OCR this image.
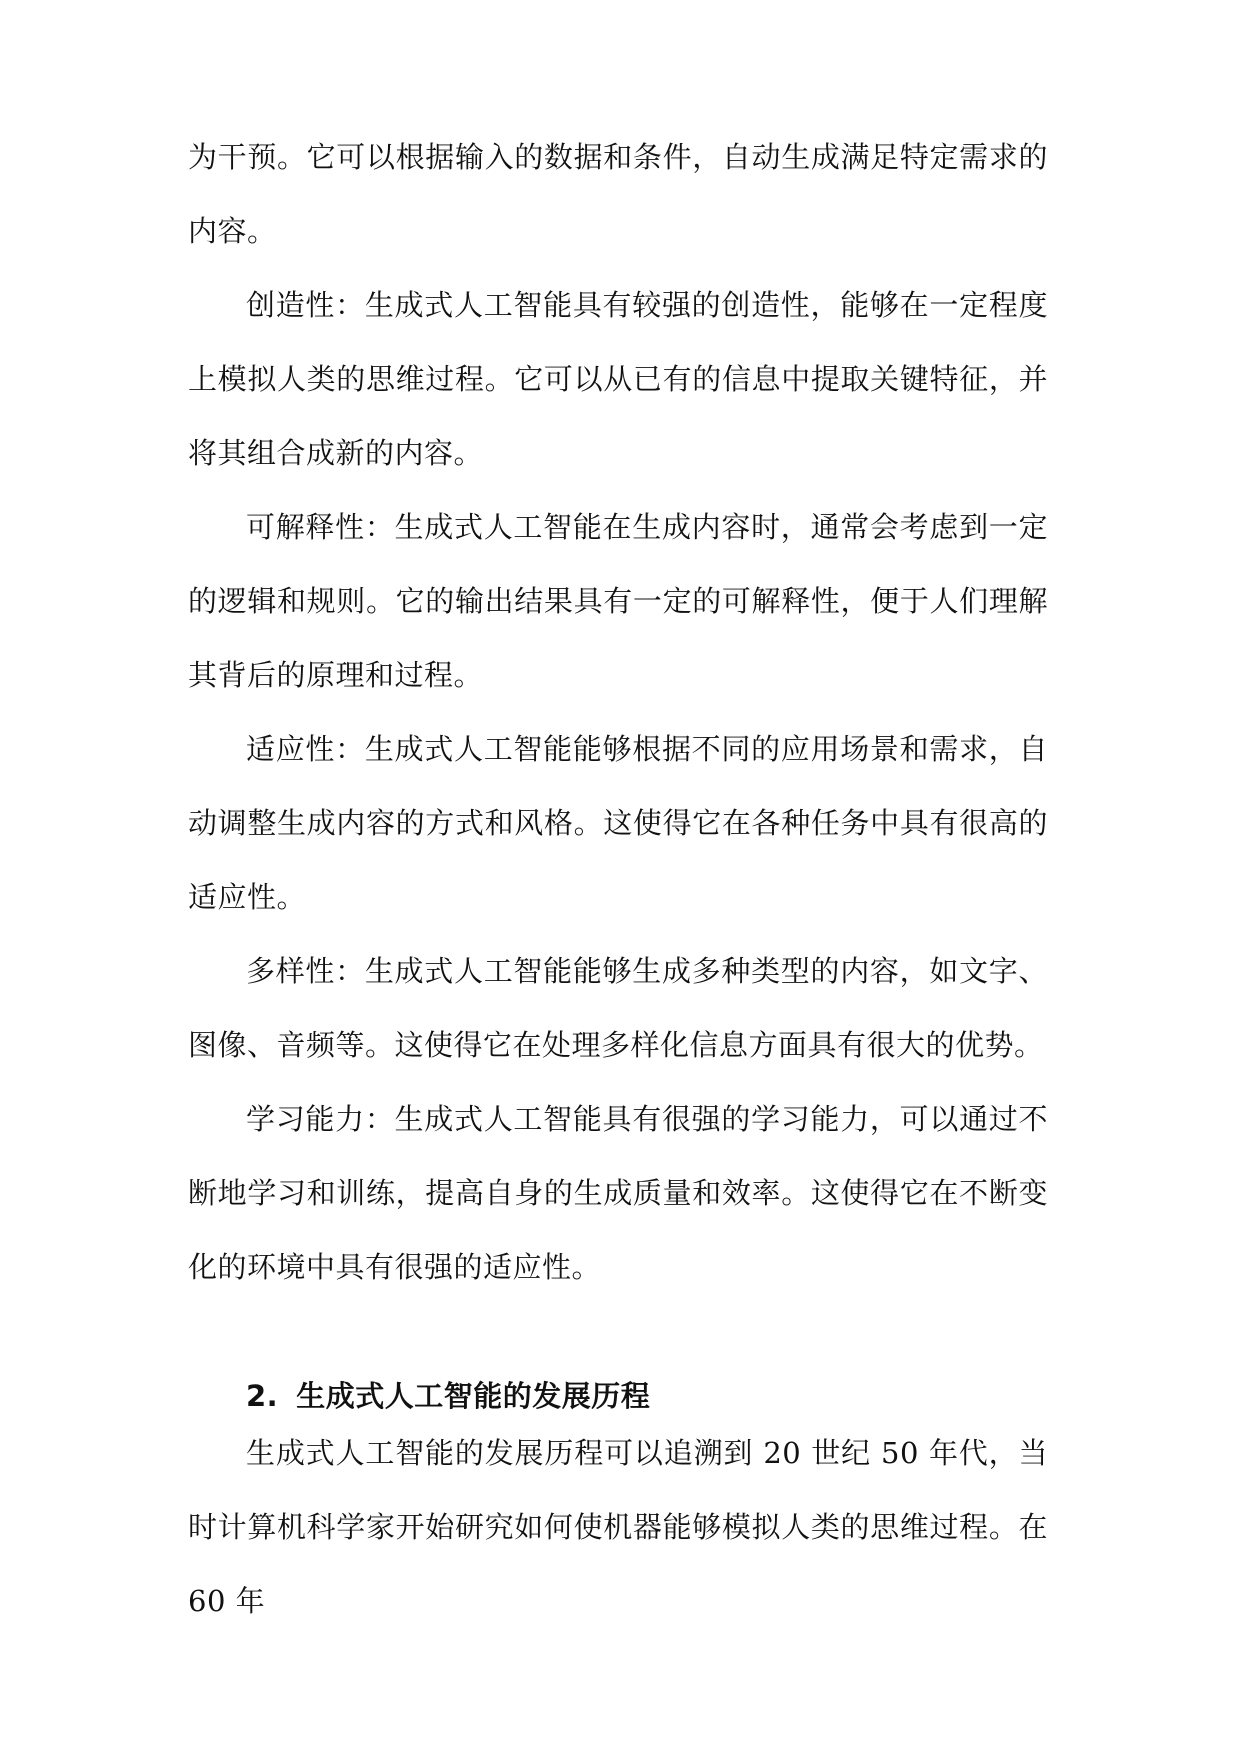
为干预。它可以根据输入的数据和条件，自动生成满足特定需求的内容。

创造性：生成式人工智能具有较强的创造性，能够在一定程度上模拟人类的思维过程。它可以从已有的信息中提取关键特征，并将其组合成新的内容。

可解释性：生成式人工智能在生成内容时，通常会考虑到一定的逻辑和规则。它的输出结果具有一定的可解释性，便于人们理解其背后的原理和过程。

适应性：生成式人工智能能够根据不同的应用场景和需求，自动调整生成内容的方式和风格。这使得它在各种任务中具有很高的适应性。

多样性：生成式人工智能能够生成多种类型的内容，如文字、图像、音频等。这使得它在处理多样化信息方面具有很大的优势。

学习能力：生成式人工智能具有很强的学习能力，可以通过不断地学习和训练，提高自身的生成质量和效率。这使得它在不断变化的环境中具有很强的适应性。

2. 生成式人工智能的发展历程

生成式人工智能的发展历程可以追溯到 20 世纪 50 年代，当时计算机科学家开始研究如何使机器能够模拟人类的思维过程。在 60 年
